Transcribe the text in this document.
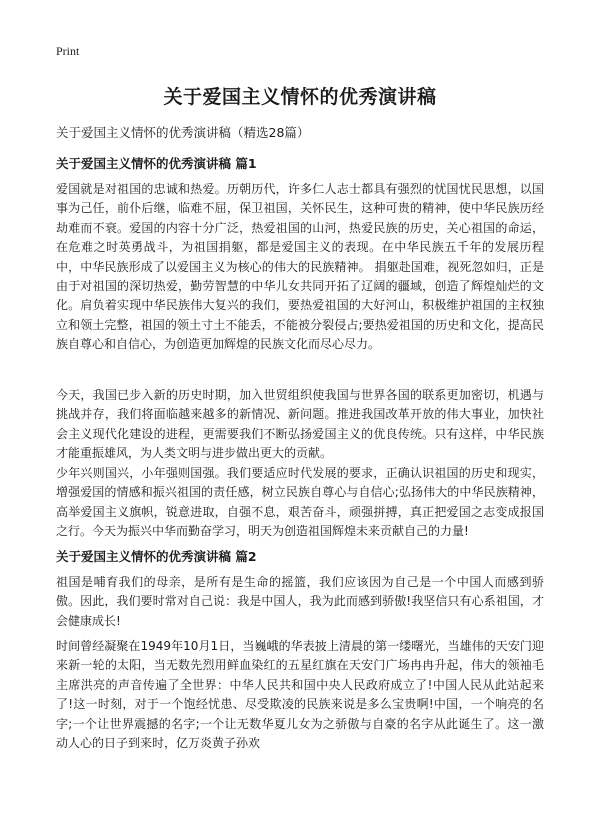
Print
关于爱国主义情怀的优秀演讲稿
关于爱国主义情怀的优秀演讲稿（精选28篇）
关于爱国主义情怀的优秀演讲稿 篇1
爱国就是对祖国的忠诚和热爱。历朝历代，许多仁人志士都具有强烈的忧国忧民思想，以国事为己任，前仆后继，临难不屈，保卫祖国，关怀民生，这种可贵的精神，使中华民族历经劫难而不衰。爱国的内容十分广泛，热爱祖国的山河，热爱民族的历史，关心祖国的命运，在危难之时英勇战斗，为祖国捐躯，都是爱国主义的表现。在中华民族五千年的发展历程中，中华民族形成了以爱国主义为核心的伟大的民族精神。 捐躯赴国难，视死忽如归，正是由于对祖国的深切热爱，勤劳智慧的中华儿女共同开拓了辽阔的疆域，创造了辉煌灿烂的文化。肩负着实现中华民族伟大复兴的我们，要热爱祖国的大好河山，积极维护祖国的主权独立和领土完整，祖国的领土寸土不能丢，不能被分裂侵占;要热爱祖国的历史和文化，提高民族自尊心和自信心，为创造更加辉煌的民族文化而尽心尽力。
今天，我国已步入新的历史时期，加入世贸组织使我国与世界各国的联系更加密切，机遇与挑战并存，我们将面临越来越多的新情况、新问题。推进我国改革开放的伟大事业，加快社会主义现代化建设的进程，更需要我们不断弘扬爱国主义的优良传统。只有这样，中华民族才能重振雄风，为人类文明与进步做出更大的贡献。
少年兴则国兴，小年强则国强。我们要适应时代发展的要求，正确认识祖国的历史和现实，增强爱国的情感和振兴祖国的责任感，树立民族自尊心与自信心;弘扬伟大的中华民族精神，高举爱国主义旗帜，锐意进取，自强不息，艰苦奋斗，顽强拼搏，真正把爱国之志变成报国之行。今天为振兴中华而勤奋学习，明天为创造祖国辉煌未来贡献自己的力量!
关于爱国主义情怀的优秀演讲稿 篇2
祖国是哺育我们的母亲，是所有是生命的摇篮，我们应该因为自己是一个中国人而感到骄傲。因此，我们要时常对自己说：我是中国人，我为此而感到骄傲!我坚信只有心系祖国，才会健康成长!
时间曾经凝聚在1949年10月1日，当巍峨的华表披上清晨的第一缕曙光，当雄伟的天安门迎来新一轮的太阳，当无数先烈用鲜血染红的五星红旗在天安门广场冉冉升起，伟大的领袖毛主席洪亮的声音传遍了全世界：中华人民共和国中央人民政府成立了!中国人民从此站起来了!这一时刻，对于一个饱经忧患、尽受欺凌的民族来说是多么宝贵啊!中国，一个响亮的名字;一个让世界震撼的名字;一个让无数华夏儿女为之骄傲与自豪的名字从此诞生了。这一激动人心的日子到来时，亿万炎黄子孙欢
